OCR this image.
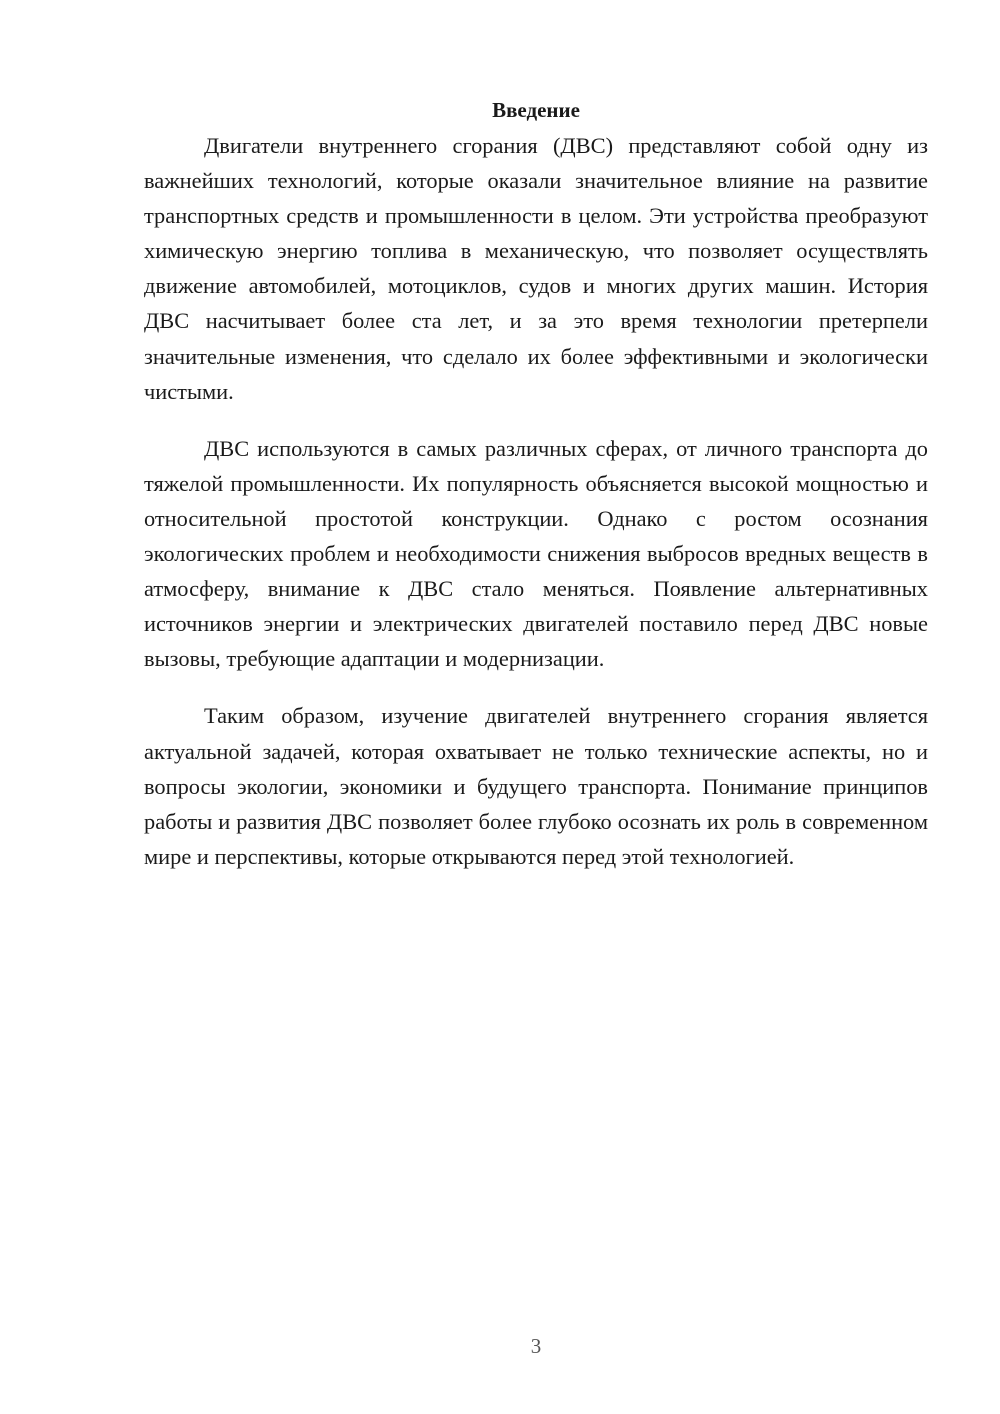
Введение

Двигатели внутреннего сгорания (ДВС) представляют собой одну из важнейших технологий, которые оказали значительное влияние на развитие транспортных средств и промышленности в целом. Эти устройства преобразуют химическую энергию топлива в механическую, что позволяет осуществлять движение автомобилей, мотоциклов, судов и многих других машин. История ДВС насчитывает более ста лет, и за это время технологии претерпели значительные изменения, что сделало их более эффективными и экологически чистыми.

ДВС используются в самых различных сферах, от личного транспорта до тяжелой промышленности. Их популярность объясняется высокой мощностью и относительной простотой конструкции. Однако с ростом осознания экологических проблем и необходимости снижения выбросов вредных веществ в атмосферу, внимание к ДВС стало меняться. Появление альтернативных источников энергии и электрических двигателей поставило перед ДВС новые вызовы, требующие адаптации и модернизации.

Таким образом, изучение двигателей внутреннего сгорания является актуальной задачей, которая охватывает не только технические аспекты, но и вопросы экологии, экономики и будущего транспорта. Понимание принципов работы и развития ДВС позволяет более глубоко осознать их роль в современном мире и перспективы, которые открываются перед этой технологией.

3
